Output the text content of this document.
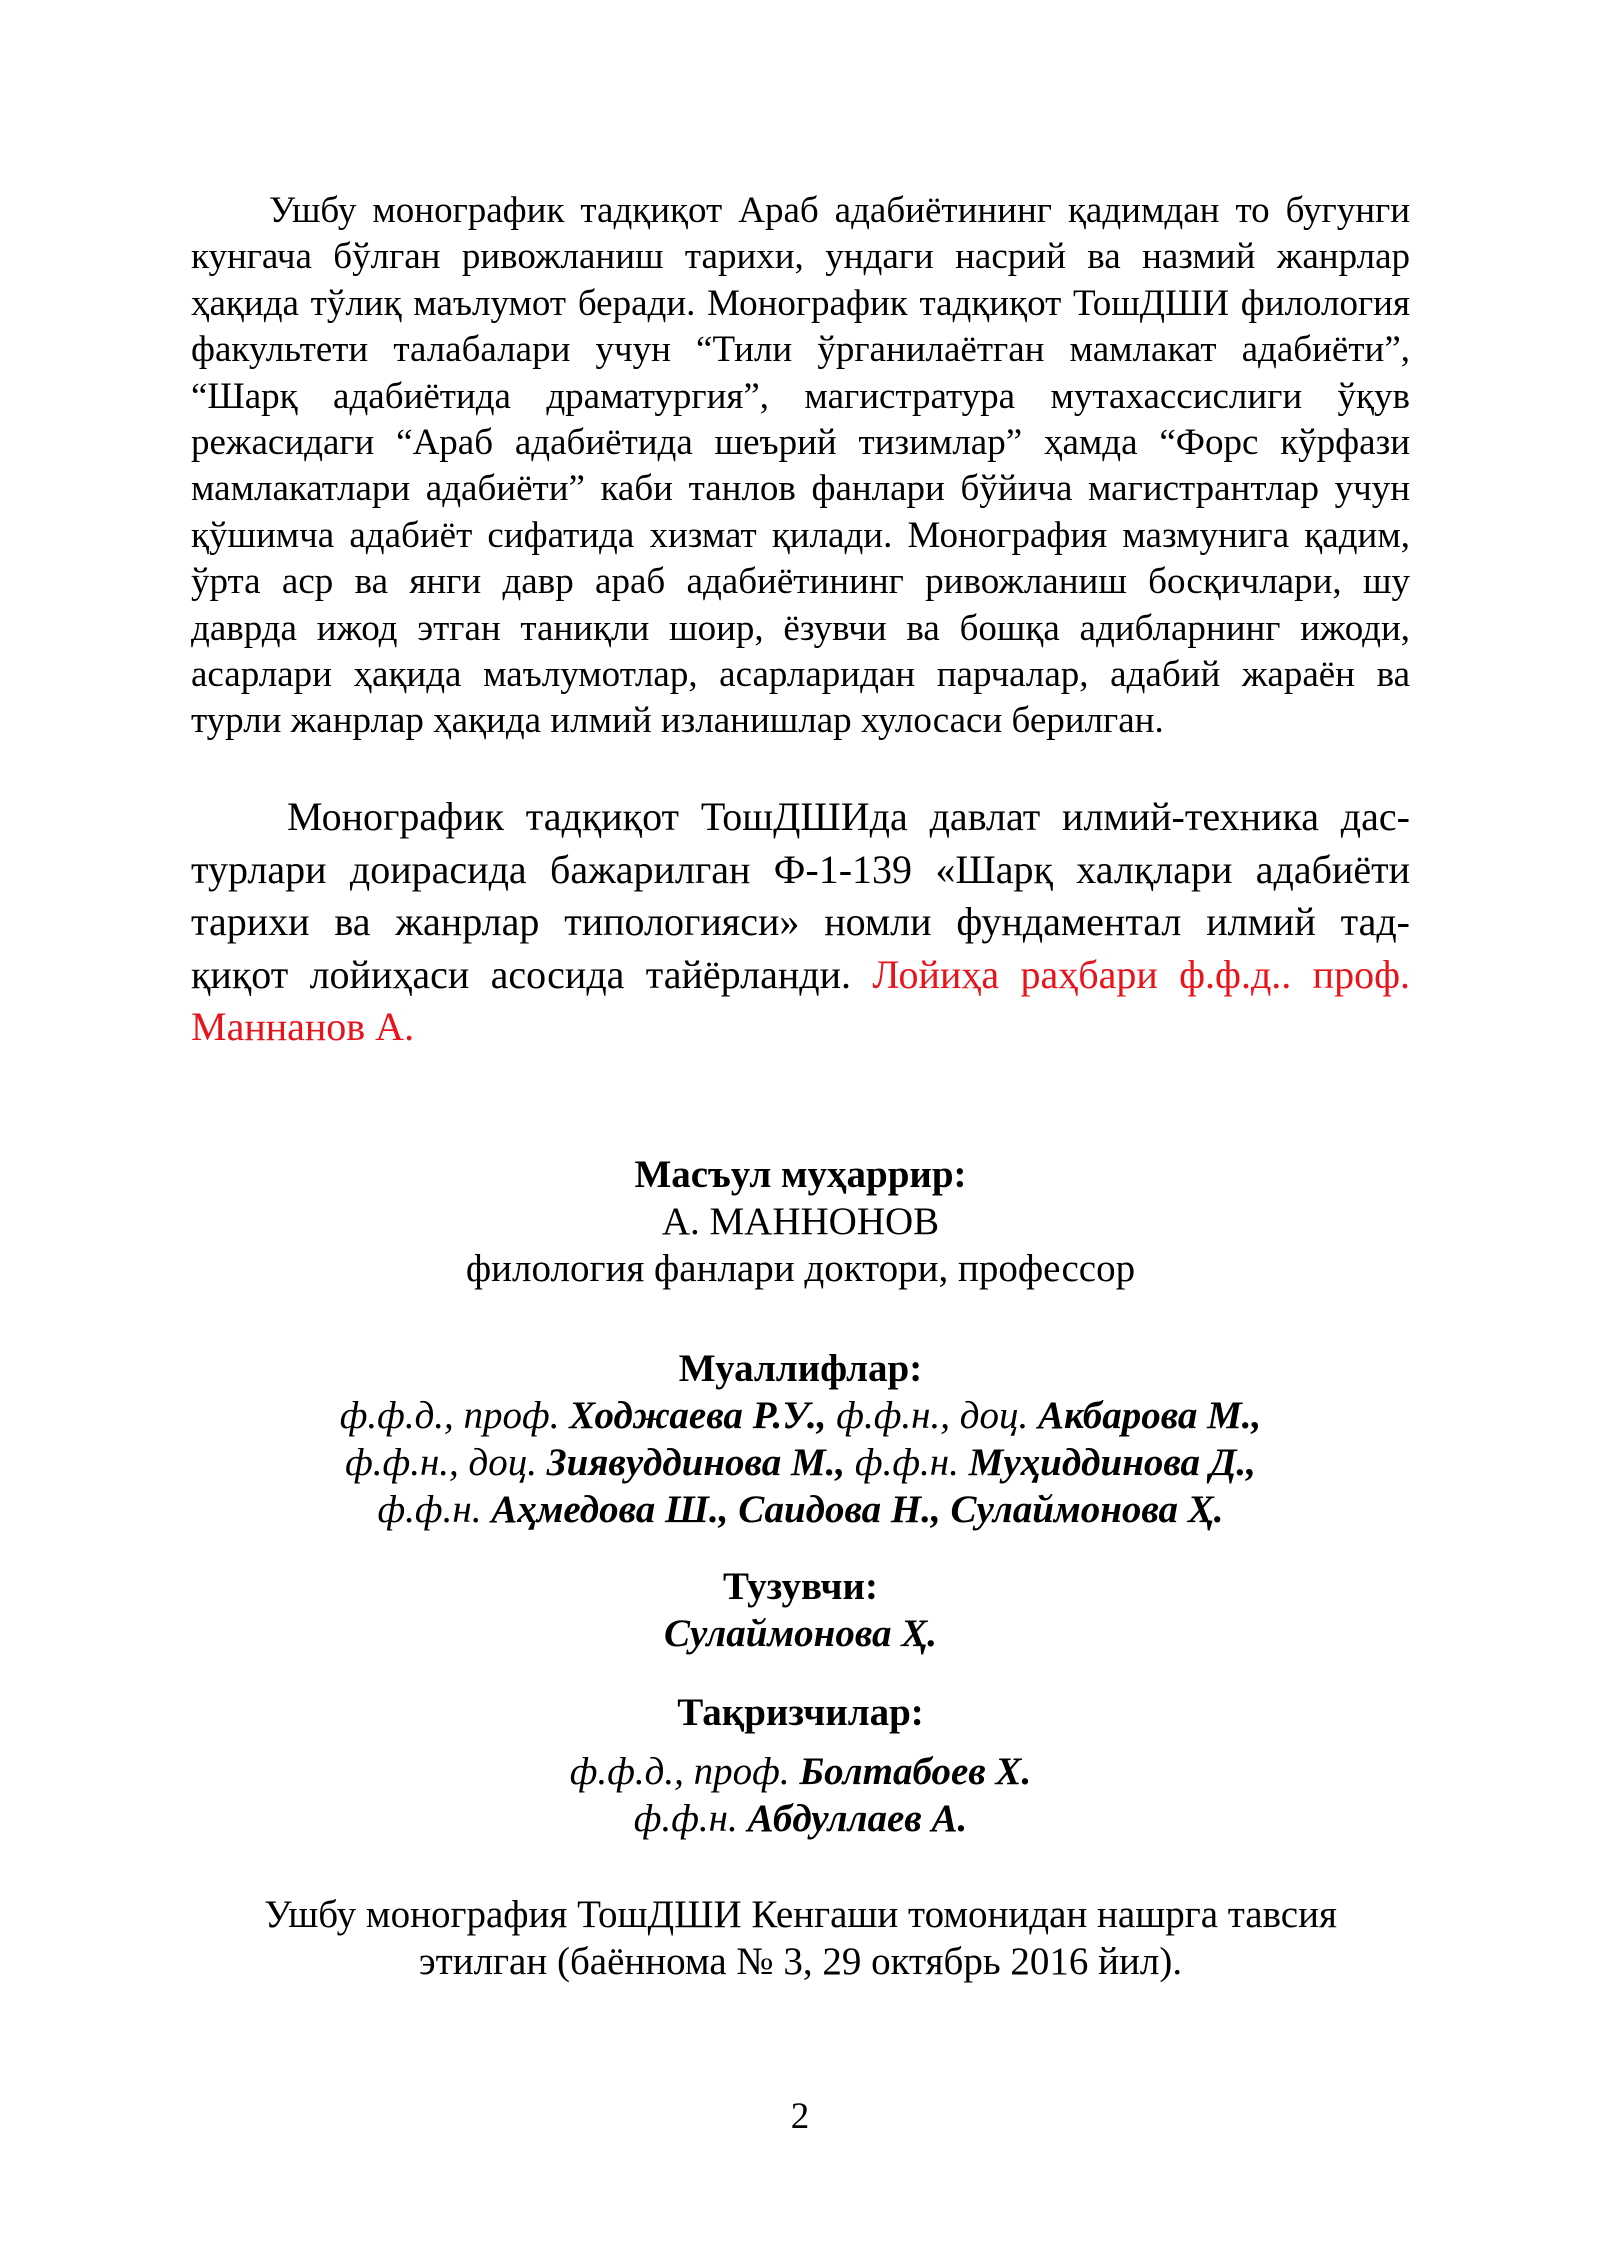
Ушбу монографик тадқиқот Араб адабиётининг қадимдан то бугунги кунгача бўлган ривожланиш тарихи, ундаги насрий ва назмий жанрлар ҳақида тўлиқ маълумот беради. Монографик тадқиқот ТошДШИ филология факультети талабалари учун “Тили ўрганилаётган мамлакат адабиёти”, “Шарқ адабиётида драматургия”, магистратура мутахассислиги ўқув режасидаги “Араб адабиётида шеърий тизимлар” ҳамда “Форс кўрфази мамлакатлари адабиёти” каби танлов фанлари бўйича магистрантлар учун қўшимча адабиёт сифатида хизмат қилади. Монография мазмунига қадим, ўрта аср ва янги давр араб адабиётининг ривожланиш босқичлари, шу даврда ижод этган таниқли шоир, ёзувчи ва бошқа адибларнинг ижоди, асарлари ҳақида маълумотлар, асарларидан парчалар, адабий жараён ва турли жанрлар ҳақида илмий изланишлар хулосаси берилган.

Монографик тадқиқот ТошДШИда давлат илмий-техника дас- турлари доирасида бажарилган Ф-1-139 «Шарқ халқлари адабиёти тарихи ва жанрлар типологияси» номли фундаментал илмий тад- қиқот лойиҳаси асосида тайёрланди. Лойиҳа раҳбари ф.ф.д.. проф. Маннанов А.

Масъул муҳаррир:

А. МАННОНОВ

филология фанлари доктори, профессор

Муаллифлар:

ф.ф.д., проф. Ходжаева Р.У., ф.ф.н., доц. Акбарова М.,

ф.ф.н., доц. Зиявуддинова М., ф.ф.н. Муҳиддинова Д.,

ф.ф.н. Аҳмедова Ш., Саидова Н., Сулаймонова Ҳ.

Тузувчи:

Сулаймонова Ҳ.

Тақризчилар:

ф.ф.д., проф. Болтабоев Х.

ф.ф.н. Абдуллаев А.

Ушбу монография ТошДШИ Кенгаши томонидан нашрга тавсия

этилган (баённома № 3, 29 октябрь 2016 йил).

2
